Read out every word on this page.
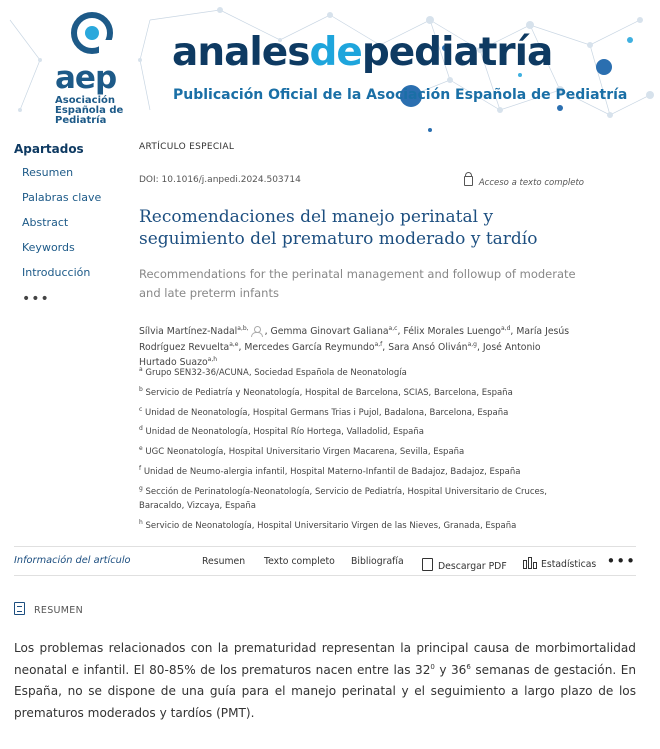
aep
Asociación
Española de
Pediatría
analesdepediatría
Publicación Oficial de la Asociación Española de Pediatría
Apartados
Resumen
Palabras clave
Abstract
Keywords
Introducción
•••
ARTÍCULO ESPECIAL
DOI: 10.1016/j.anpedi.2024.503714	Acceso a texto completo
Recomendaciones del manejo perinatal y seguimiento del prematuro moderado y tardío
Recommendations for the perinatal management and followup of moderate and late preterm infants
Sílvia Martínez-Nadal$^{a,b,}$ , Gemma Ginovart Galiana$^{a,c}$, Félix Morales Luengo$^{a,d}$, María Jesús Rodríguez Revuelta$^{a,e}$, Mercedes García Reymundo$^{a,f}$, Sara Ansó Oliván$^{a,g}$, José Antonio Hurtado Suazo$^{a,h}$
$^a$ Grupo SEN32-36/ACUNA, Sociedad Española de Neonatología
$^b$ Servicio de Pediatría y Neonatología, Hospital de Barcelona, SCIAS, Barcelona, España
$^c$ Unidad de Neonatología, Hospital Germans Trias i Pujol, Badalona, Barcelona, España
$^d$ Unidad de Neonatología, Hospital Río Hortega, Valladolid, España
$^e$ UGC Neonatología, Hospital Universitario Virgen Macarena, Sevilla, España
$^f$ Unidad de Neumo-alergia infantil, Hospital Materno-Infantil de Badajoz, Badajoz, España
$^g$ Sección de Perinatología-Neonatología, Servicio de Pediatría, Hospital Universitario de Cruces, Baracaldo, Vizcaya, España
$^h$ Servicio de Neonatología, Hospital Universitario Virgen de las Nieves, Granada, España
Información del artículo	Resumen Texto completo Bibliografía	Descargar PDF	Estadísticas •••
RESUMEN
Los problemas relacionados con la prematuridad representan la principal causa de morbimortalidad neonatal e infantil. El 80-85% de los prematuros nacen entre las $32^0$ y $36^6$ semanas de gestación. En España, no se dispone de una guía para el manejo perinatal y el seguimiento a largo plazo de los prematuros moderados y tardíos (PMT).
